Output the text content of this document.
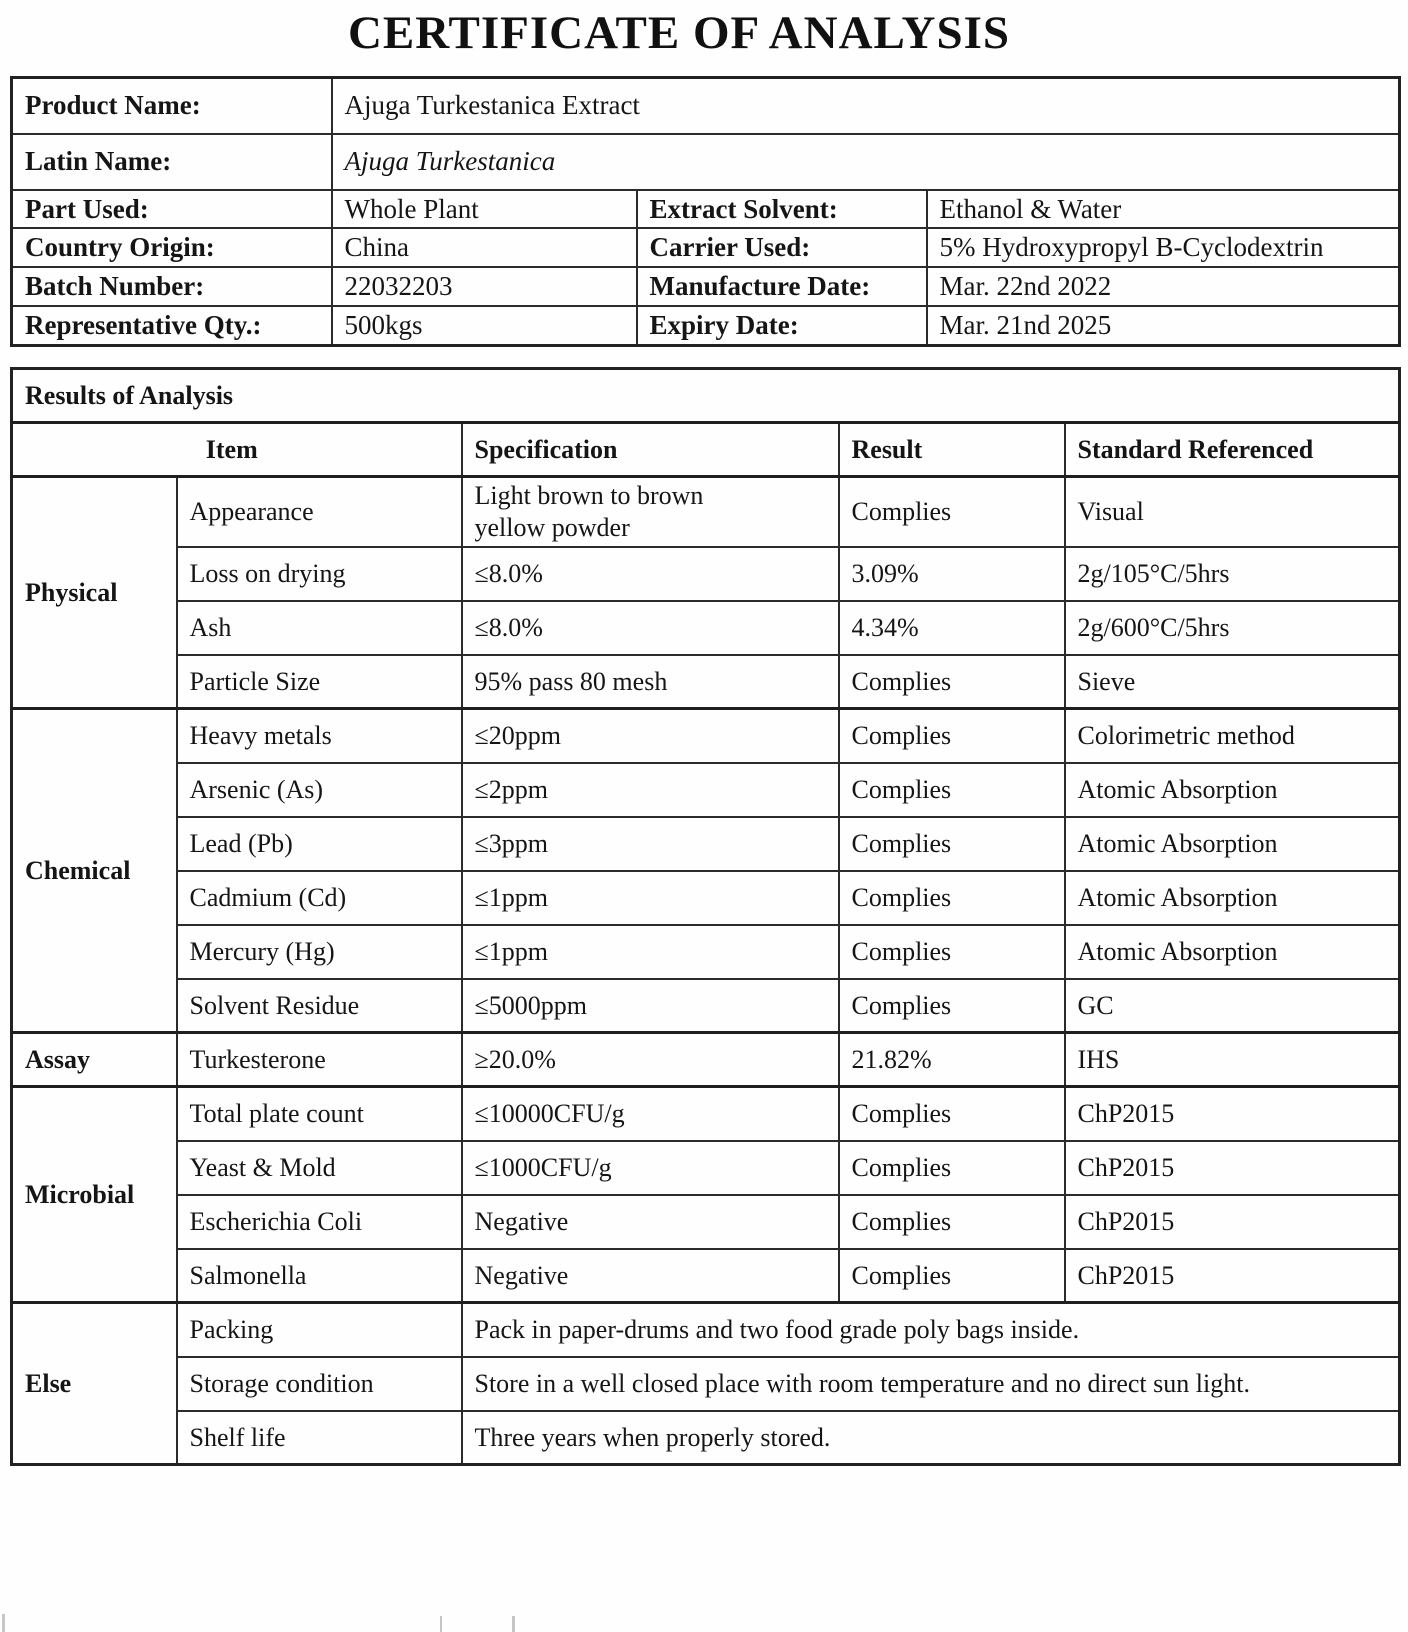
CERTIFICATE OF ANALYSIS
Product Name:	Ajuga Turkestanica Extract		
Latin Name:	Ajuga Turkestanica		
Part Used:	Whole Plant	Extract Solvent:	Ethanol & Water
Country Origin:	China	Carrier Used:	5% Hydroxypropyl B-Cyclodextrin
Batch Number:	22032203	Manufacture Date:	Mar. 22nd 2022
Representative Qty.:	500kgs	Expiry Date:	Mar. 21nd 2025
Results of Analysis				
Item		Specification	Result	Standard Referenced
Physical	Appearance	Light brown to brown yellow powder	Complies	Visual
	Loss on drying	≤8.0%	3.09%	2g/105°C/5hrs
	Ash	≤8.0%	4.34%	2g/600°C/5hrs
	Particle Size	95% pass 80 mesh	Complies	Sieve
Chemical	Heavy metals	≤20ppm	Complies	Colorimetric method
	Arsenic (As)	≤2ppm	Complies	Atomic Absorption
	Lead (Pb)	≤3ppm	Complies	Atomic Absorption
	Cadmium (Cd)	≤1ppm	Complies	Atomic Absorption
	Mercury (Hg)	≤1ppm	Complies	Atomic Absorption
	Solvent Residue	≤5000ppm	Complies	GC
Assay	Turkesterone	≥20.0%	21.82%	IHS
Microbial	Total plate count	≤10000CFU/g	Complies	ChP2015
	Yeast & Mold	≤1000CFU/g	Complies	ChP2015
	Escherichia Coli	Negative	Complies	ChP2015
	Salmonella	Negative	Complies	ChP2015
Else	Packing	Pack in paper-drums and two food grade poly bags inside.		
	Storage condition	Store in a well closed place with room temperature and no direct sun light.		
	Shelf life	Three years when properly stored.		
